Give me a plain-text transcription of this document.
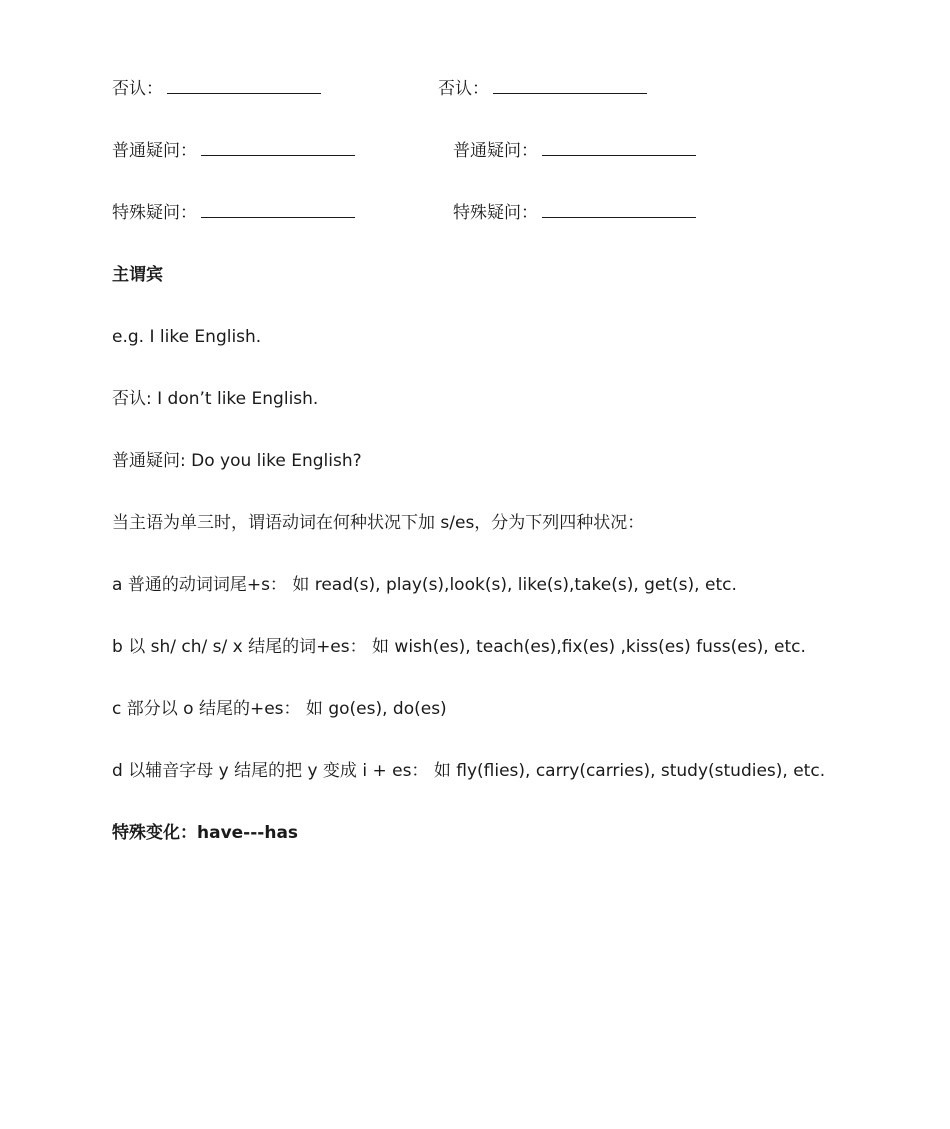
否认：	否认：
普通疑问：	普通疑问：
特殊疑问：	特殊疑问：
主谓宾
e.g. I like English.
否认: I don’t like English.
普通疑问: Do you like English?
当主语为单三时，谓语动词在何种状况下加 s/es，分为下列四种状况：
a 普通的动词词尾+s： 如 read(s), play(s),look(s), like(s),take(s), get(s), etc.
b 以 sh/ ch/ s/ x 结尾的词+es： 如 wish(es), teach(es),fix(es) ,kiss(es) fuss(es), etc.
c 部分以 o 结尾的+es： 如 go(es), do(es)
d 以辅音字母 y 结尾的把 y 变成 i + es： 如 fly(flies), carry(carries), study(studies), etc.
特殊变化：have---has
